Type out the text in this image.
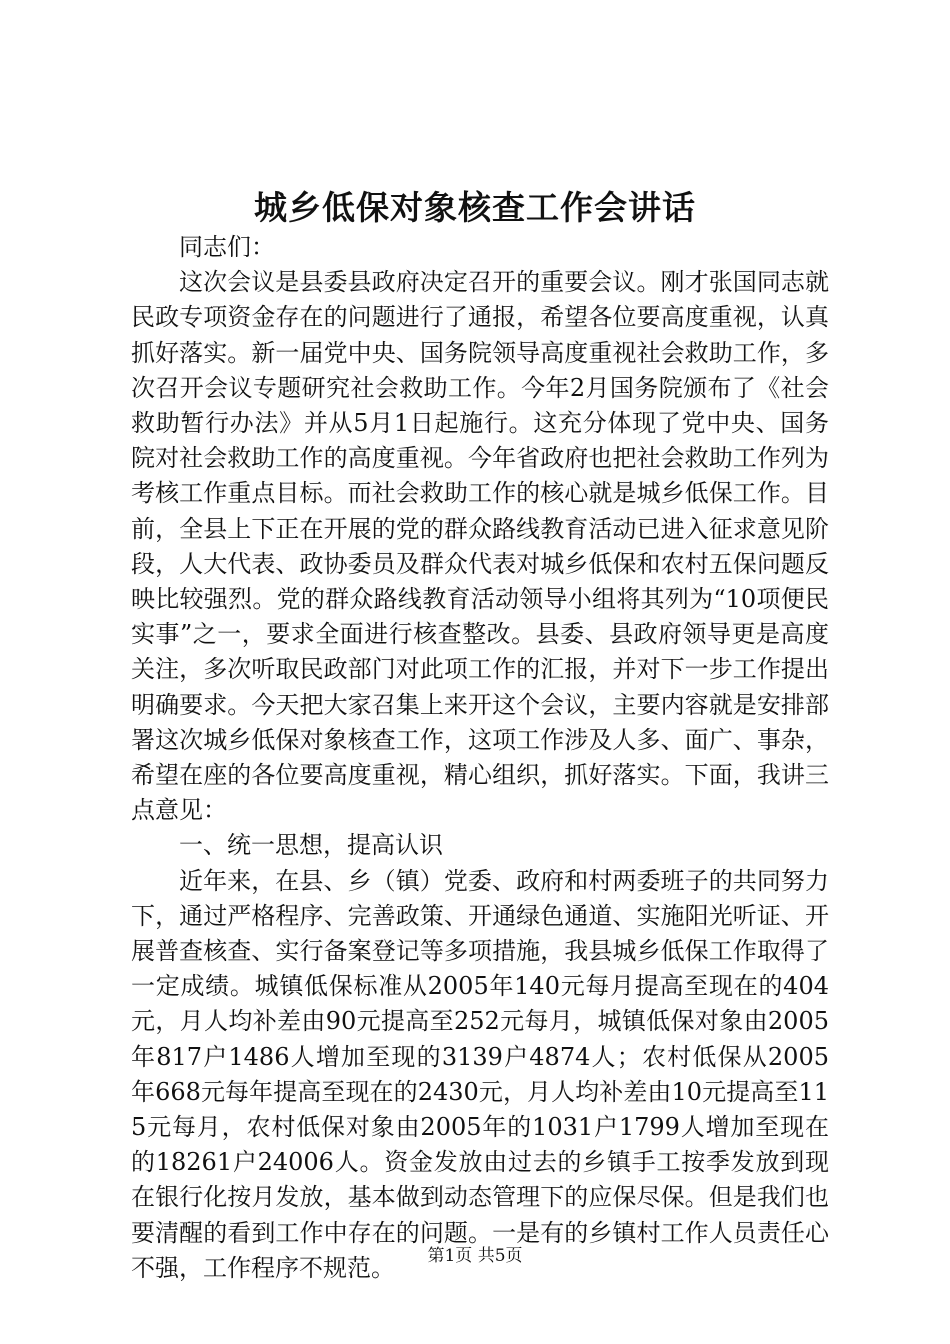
城乡低保对象核查工作会讲话

同志们：

这次会议是县委县政府决定召开的重要会议。刚才张国同志就民政专项资金存在的问题进行了通报，希望各位要高度重视，认真抓好落实。新一届党中央、国务院领导高度重视社会救助工作，多次召开会议专题研究社会救助工作。今年2月国务院颁布了《社会救助暂行办法》并从5月1日起施行。这充分体现了党中央、国务院对社会救助工作的高度重视。今年省政府也把社会救助工作列为考核工作重点目标。而社会救助工作的核心就是城乡低保工作。目前，全县上下正在开展的党的群众路线教育活动已进入征求意见阶段，人大代表、政协委员及群众代表对城乡低保和农村五保问题反映比较强烈。党的群众路线教育活动领导小组将其列为“10项便民实事”之一，要求全面进行核查整改。县委、县政府领导更是高度关注，多次听取民政部门对此项工作的汇报，并对下一步工作提出明确要求。今天把大家召集上来开这个会议，主要内容就是安排部署这次城乡低保对象核查工作，这项工作涉及人多、面广、事杂，希望在座的各位要高度重视，精心组织，抓好落实。下面，我讲三点意见：

一、统一思想，提高认识

近年来，在县、乡（镇）党委、政府和村两委班子的共同努力下，通过严格程序、完善政策、开通绿色通道、实施阳光听证、开展普查核查、实行备案登记等多项措施，我县城乡低保工作取得了一定成绩。城镇低保标准从2005年140元每月提高至现在的404元，月人均补差由90元提高至252元每月，城镇低保对象由2005年817户1486人增加至现的3139户4874人；农村低保从2005年668元每年提高至现在的2430元，月人均补差由10元提高至115元每月，农村低保对象由2005年的1031户1799人增加至现在的18261户24006人。资金发放由过去的乡镇手工按季发放到现在银行化按月发放，基本做到动态管理下的应保尽保。但是我们也要清醒的看到工作中存在的问题。一是有的乡镇村工作人员责任心不强，工作程序不规范。	第1页 共5页
